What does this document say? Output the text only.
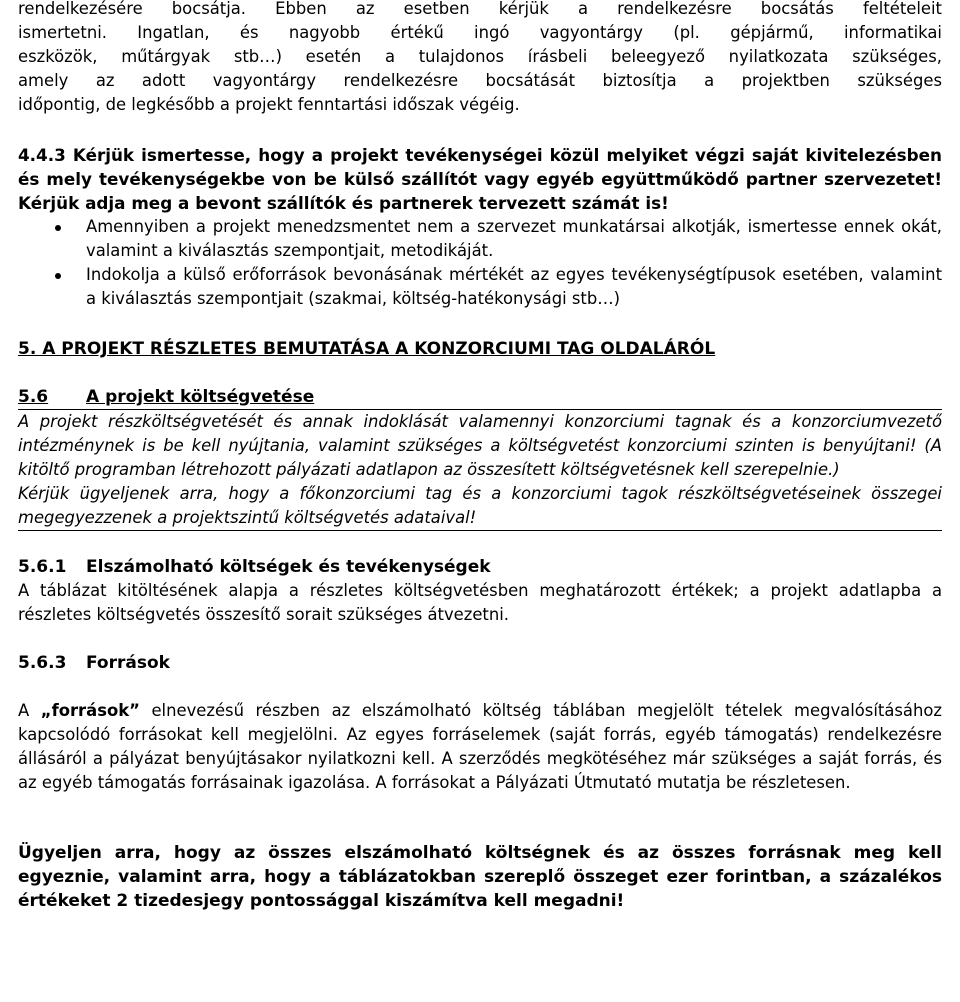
rendelkezésére bocsátja. Ebben az esetben kérjük a rendelkezésre bocsátás feltételeit

ismertetni. Ingatlan, és nagyobb értékű ingó vagyontárgy (pl. gépjármű, informatikai

eszközök, műtárgyak stb…) esetén a tulajdonos írásbeli beleegyező nyilatkozata szükséges,

amely az adott vagyontárgy rendelkezésre bocsátását biztosítja a projektben szükséges

időpontig, de legkésőbb a projekt fenntartási időszak végéig.

4.4.3 Kérjük ismertesse, hogy a projekt tevékenységei közül melyiket végzi saját kivitelezésben és mely tevékenységekbe von be külső szállítót vagy egyéb együttműködő partner szervezetet! Kérjük adja meg a bevont szállítók és partnerek tervezett számát is!

Amennyiben a projekt menedzsmentet nem a szervezet munkatársai alkotják, ismertesse ennek okát, valamint a kiválasztás szempontjait, metodikáját.
Indokolja a külső erőforrások bevonásának mértékét az egyes tevékenységtípusok esetében, valamint a kiválasztás szempontjait (szakmai, költség-hatékonysági stb…)

5. A PROJEKT RÉSZLETES BEMUTATÁSA A KONZORCIUMI TAG OLDALÁRÓL

5.6	A projekt költségvetése

A projekt részköltségvetését és annak indoklását valamennyi konzorciumi tagnak és a konzorciumvezető intézménynek is be kell nyújtania, valamint szükséges a költségvetést konzorciumi szinten is benyújtani! (A kitöltő programban létrehozott pályázati adatlapon az összesített költségvetésnek kell szerepelnie.)

Kérjük ügyeljenek arra, hogy a főkonzorciumi tag és a konzorciumi tagok részköltségvetéseinek összegei megegyezzenek a projektszintű költségvetés adataival!

5.6.1	Elszámolható költségek és tevékenységek

A táblázat kitöltésének alapja a részletes költségvetésben meghatározott értékek; a projekt adatlapba a részletes költségvetés összesítő sorait szükséges átvezetni.

5.6.3	Források

A „források” elnevezésű részben az elszámolható költség táblában megjelölt tételek megvalósításához kapcsolódó forrásokat kell megjelölni. Az egyes forráselemek (saját forrás, egyéb támogatás) rendelkezésre állásáról a pályázat benyújtásakor nyilatkozni kell. A szerződés megkötéséhez már szükséges a saját forrás, és az egyéb támogatás forrásainak igazolása. A forrásokat a Pályázati Útmutató mutatja be részletesen.

Ügyeljen arra, hogy az összes elszámolható költségnek és az összes forrásnak meg kell egyeznie, valamint arra, hogy a táblázatokban szereplő összeget ezer forintban, a százalékos értékeket 2 tizedesjegy pontossággal kiszámítva kell megadni!
